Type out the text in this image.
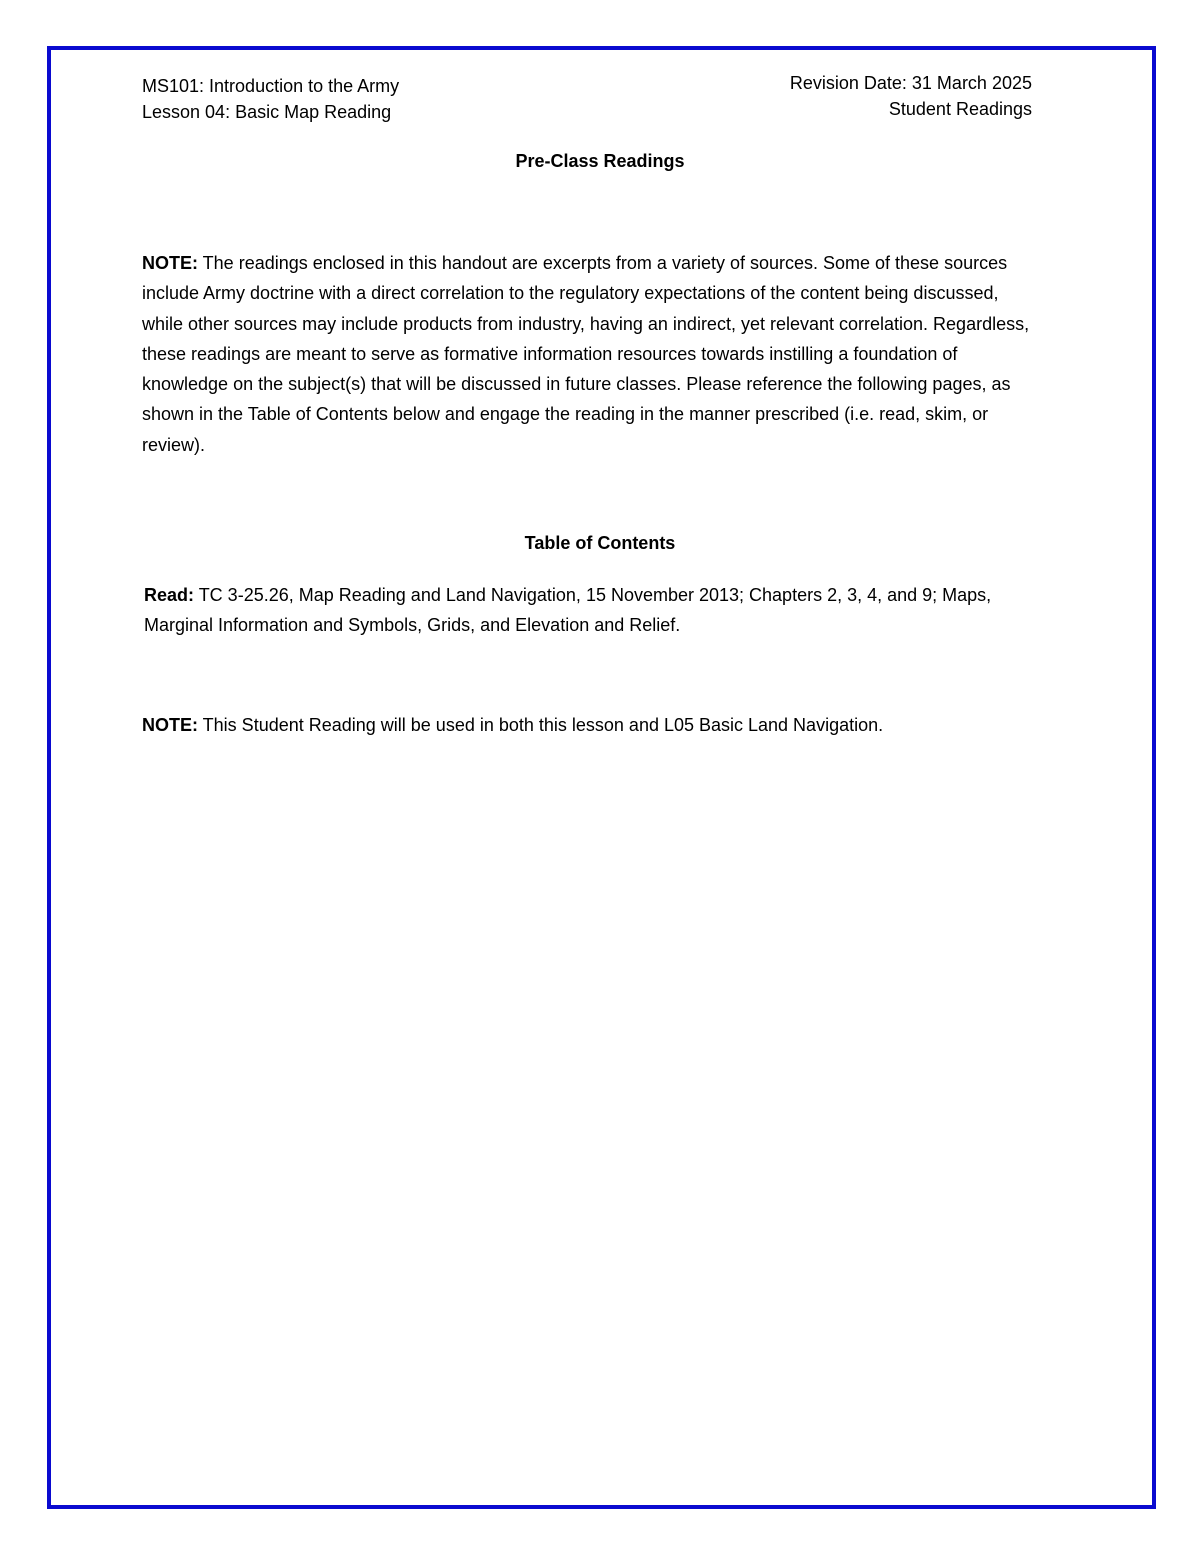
MS101: Introduction to the Army
Lesson 04: Basic Map Reading
Revision Date: 31 March 2025
Student Readings
Pre-Class Readings
NOTE: The readings enclosed in this handout are excerpts from a variety of sources. Some of these sources include Army doctrine with a direct correlation to the regulatory expectations of the content being discussed, while other sources may include products from industry, having an indirect, yet relevant correlation. Regardless, these readings are meant to serve as formative information resources towards instilling a foundation of knowledge on the subject(s) that will be discussed in future classes. Please reference the following pages, as shown in the Table of Contents below and engage the reading in the manner prescribed (i.e. read, skim, or review).
Table of Contents
Read: TC 3-25.26, Map Reading and Land Navigation, 15 November 2013; Chapters 2, 3, 4, and 9; Maps, Marginal Information and Symbols, Grids, and Elevation and Relief.
NOTE: This Student Reading will be used in both this lesson and L05 Basic Land Navigation.
